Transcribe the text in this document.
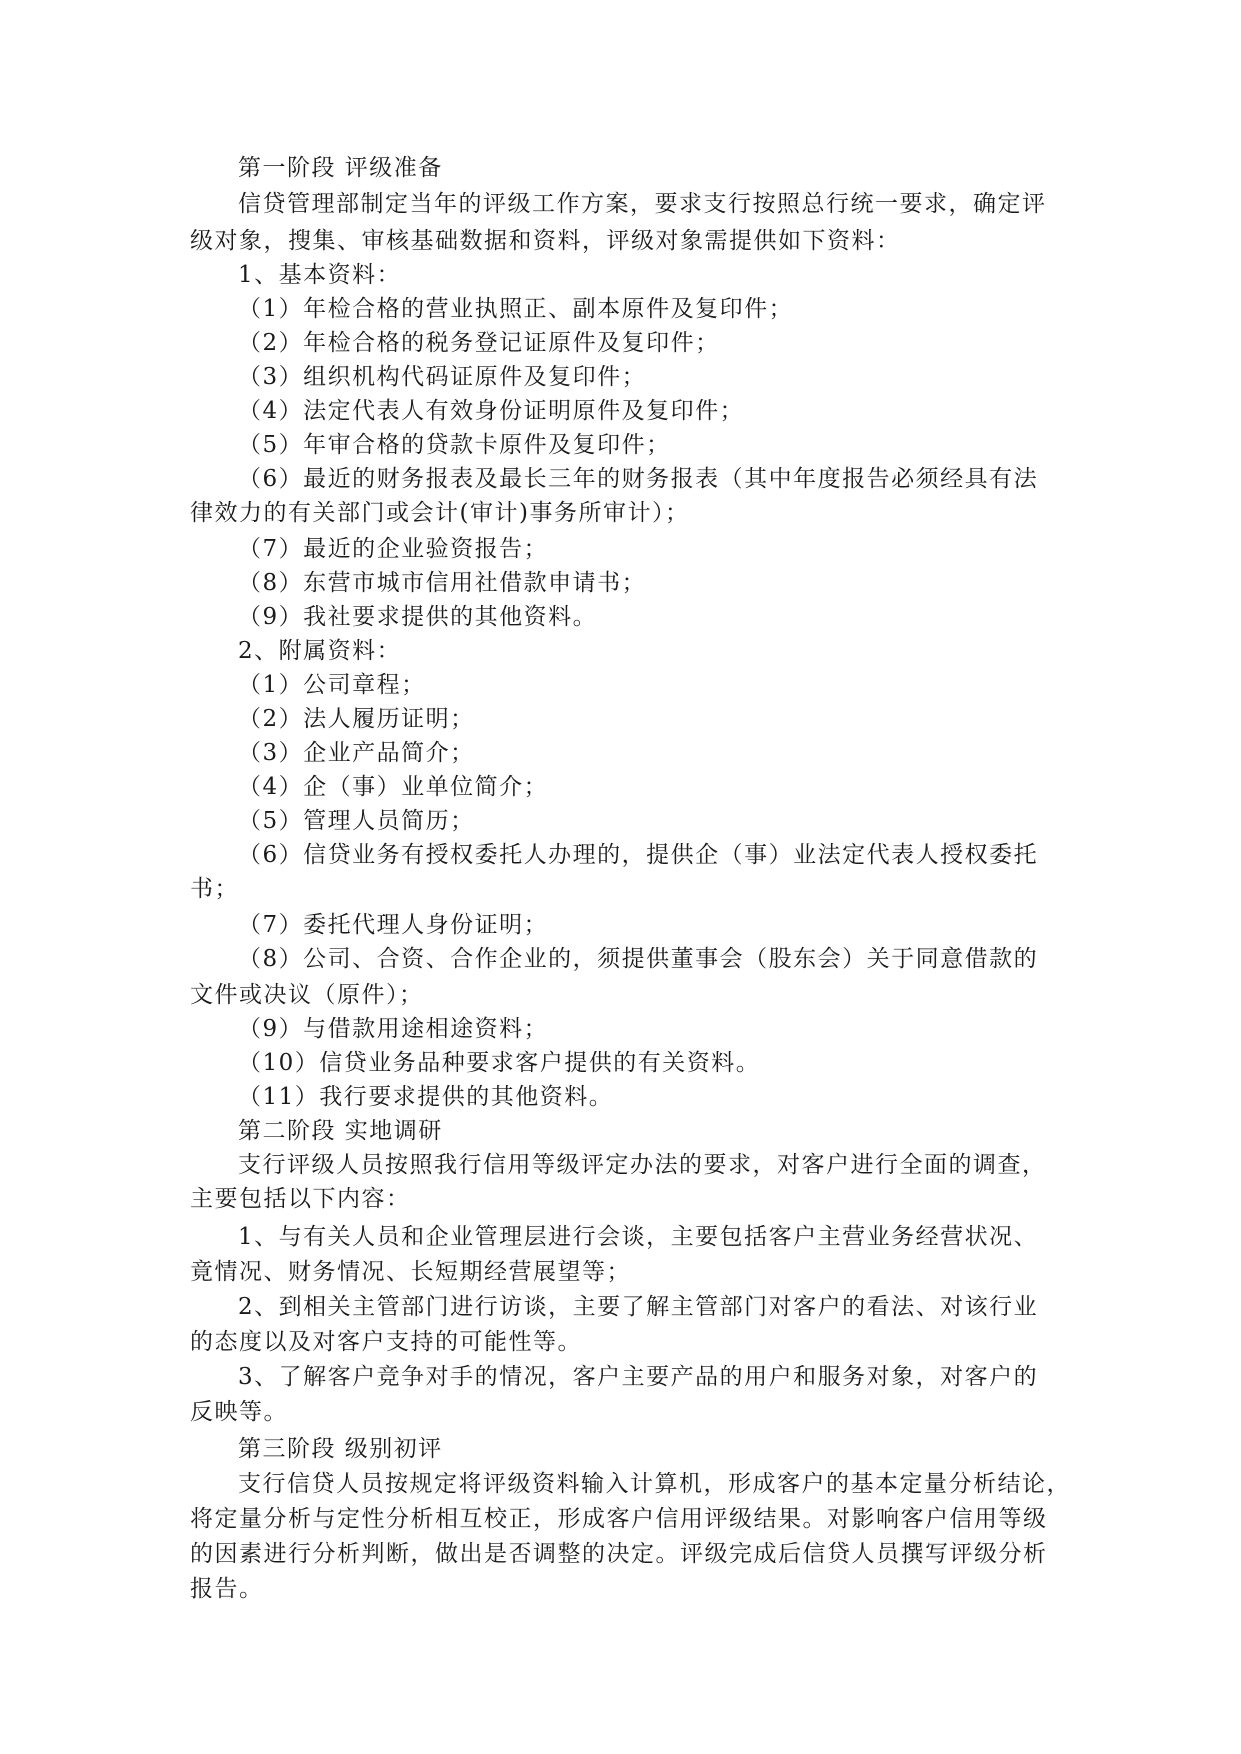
第一阶段 评级准备
信贷管理部制定当年的评级工作方案，要求支行按照总行统一要求，确定评
级对象，搜集、审核基础数据和资料，评级对象需提供如下资料：
1、基本资料：
（1）年检合格的营业执照正、副本原件及复印件；
（2）年检合格的税务登记证原件及复印件；
（3）组织机构代码证原件及复印件；
（4）法定代表人有效身份证明原件及复印件；
（5）年审合格的贷款卡原件及复印件；
（6）最近的财务报表及最长三年的财务报表（其中年度报告必须经具有法
律效力的有关部门或会计(审计)事务所审计）；
（7）最近的企业验资报告；
（8）东营市城市信用社借款申请书；
（9）我社要求提供的其他资料。
2、附属资料：
（1）公司章程；
（2）法人履历证明；
（3）企业产品简介；
（4）企（事）业单位简介；
（5）管理人员简历；
（6）信贷业务有授权委托人办理的，提供企（事）业法定代表人授权委托
书；
（7）委托代理人身份证明；
（8）公司、合资、合作企业的，须提供董事会（股东会）关于同意借款的
文件或决议（原件）；
（9）与借款用途相途资料；
（10）信贷业务品种要求客户提供的有关资料。
（11）我行要求提供的其他资料。
第二阶段 实地调研
支行评级人员按照我行信用等级评定办法的要求，对客户进行全面的调查，
主要包括以下内容：
1、与有关人员和企业管理层进行会谈，主要包括客户主营业务经营状况、
竟情况、财务情况、长短期经营展望等；
2、到相关主管部门进行访谈，主要了解主管部门对客户的看法、对该行业
的态度以及对客户支持的可能性等。
3、了解客户竞争对手的情况，客户主要产品的用户和服务对象，对客户的
反映等。
第三阶段 级别初评
支行信贷人员按规定将评级资料输入计算机，形成客户的基本定量分析结论，
将定量分析与定性分析相互校正，形成客户信用评级结果。对影响客户信用等级
的因素进行分析判断，做出是否调整的决定。评级完成后信贷人员撰写评级分析
报告。
